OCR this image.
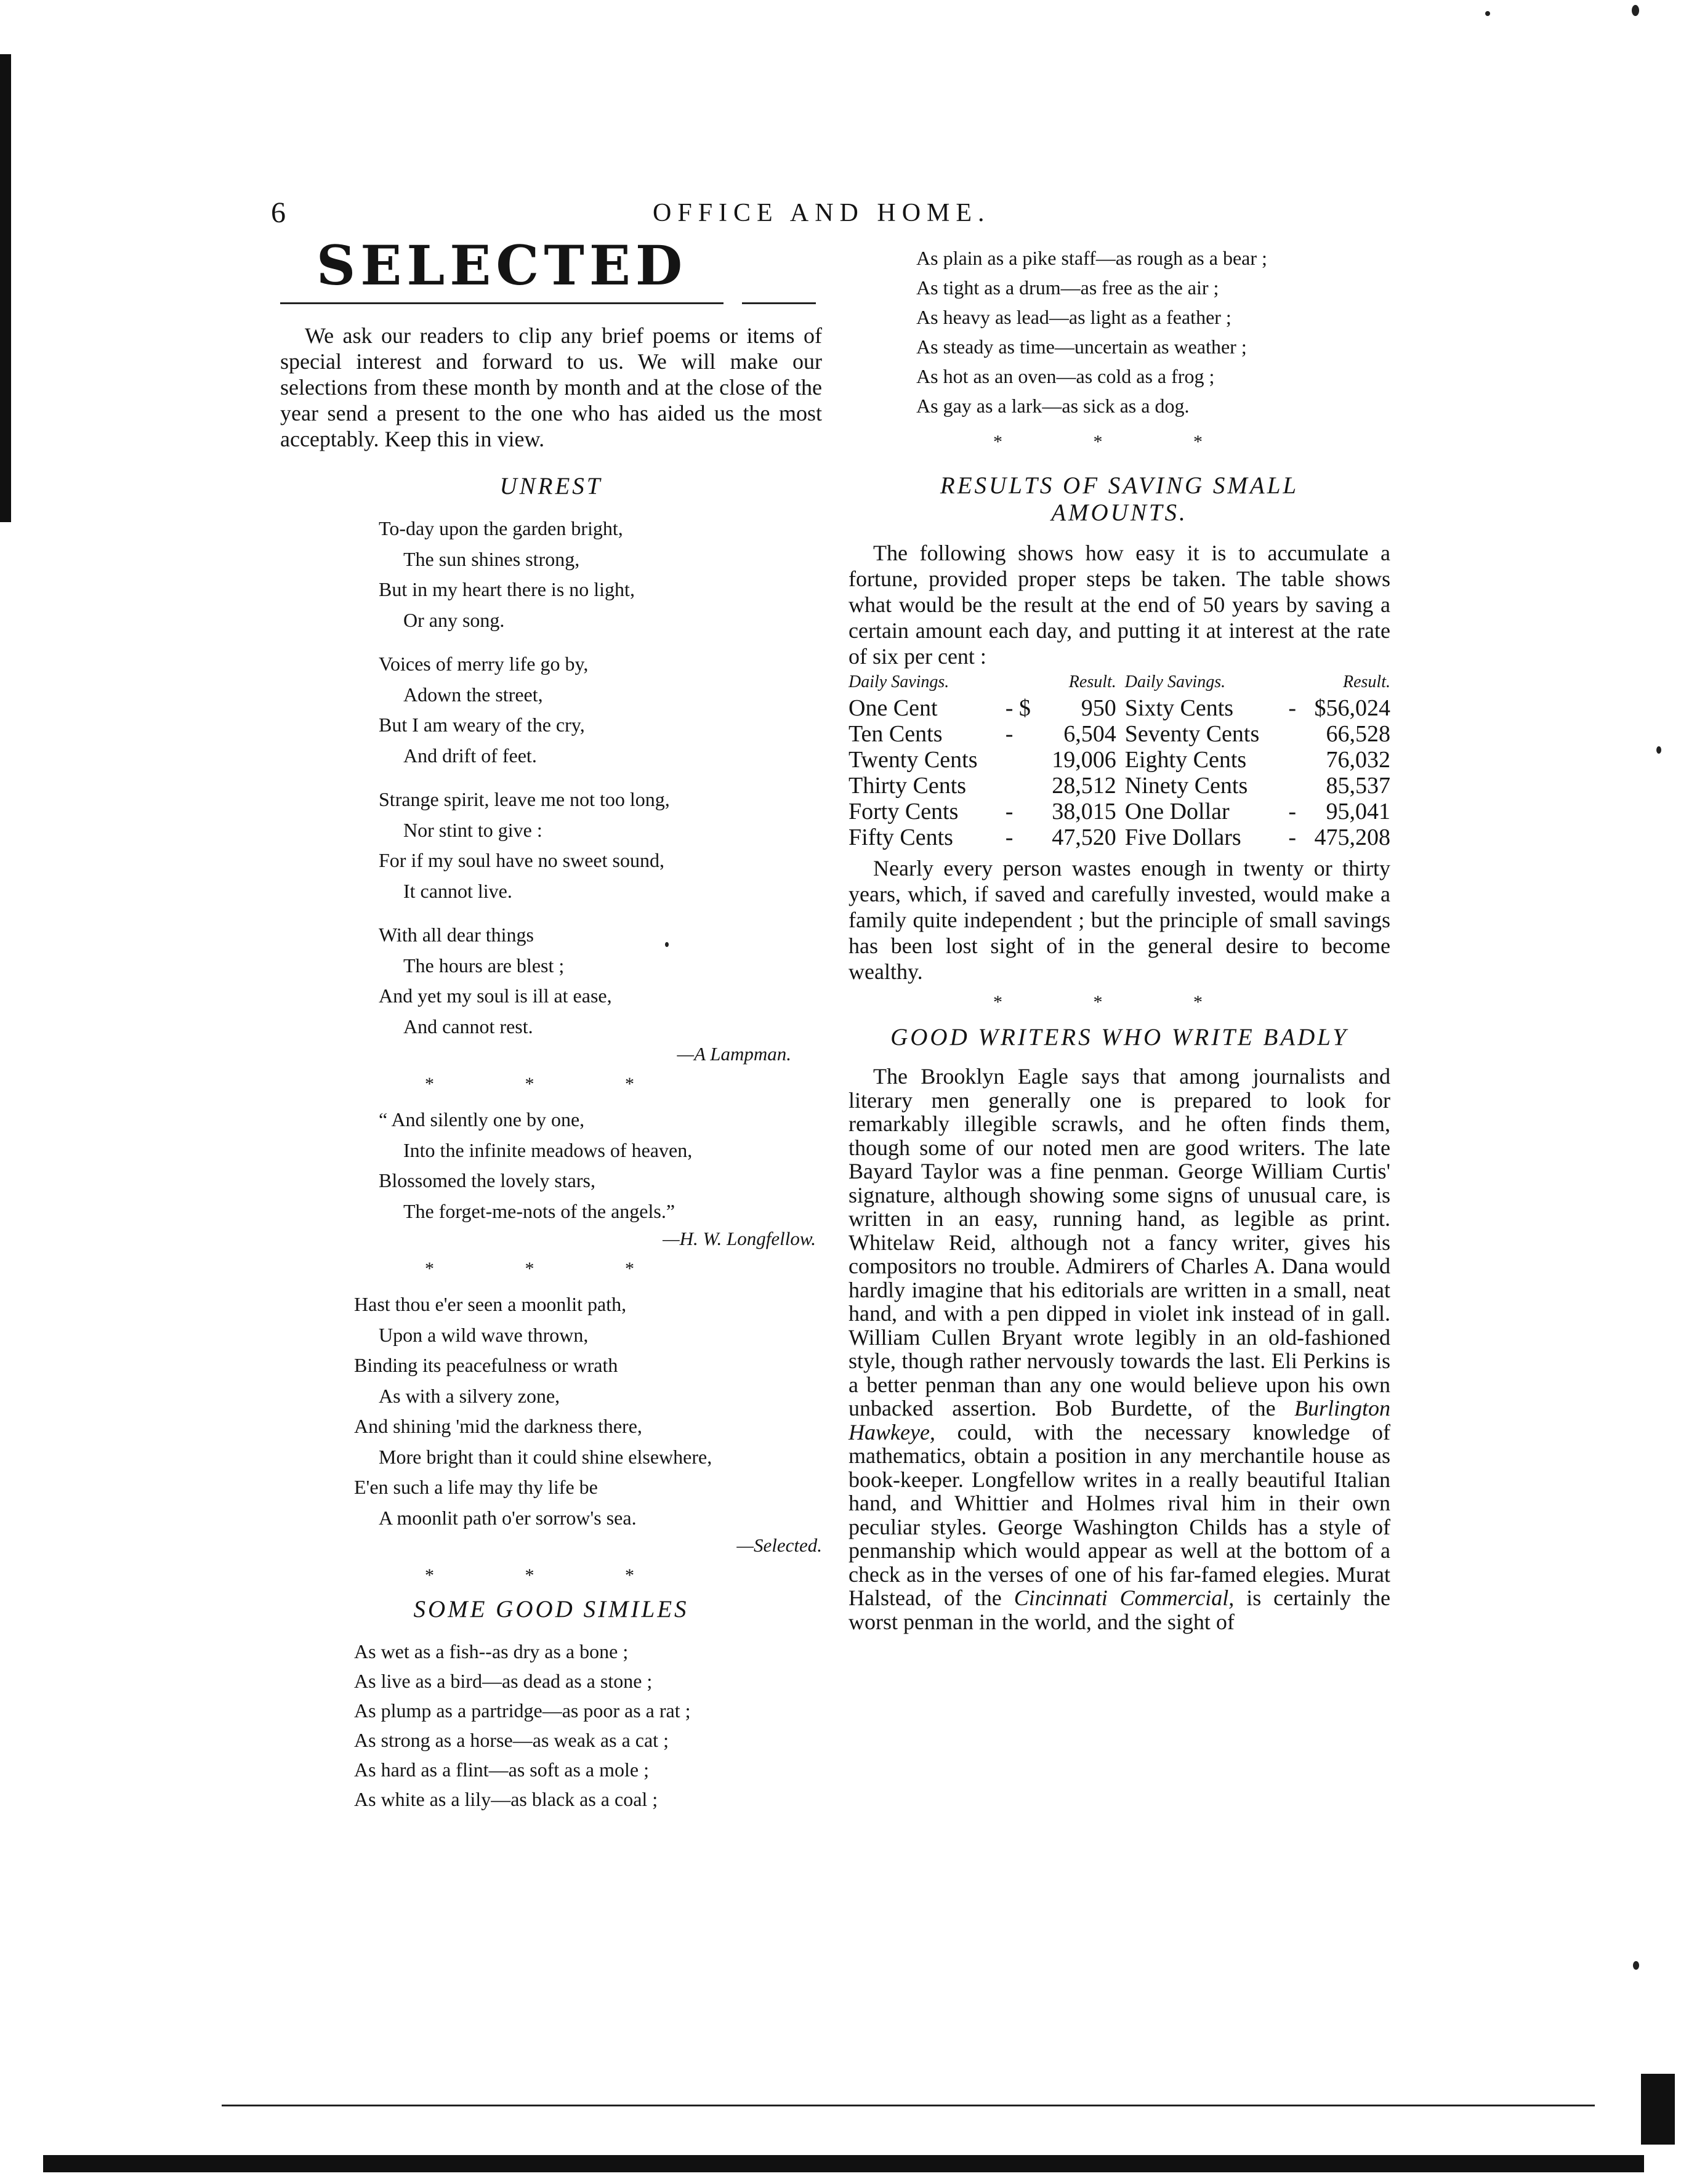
6	OFFICE AND HOME.
SELECTED
We ask our readers to clip any brief poems or items of special interest and forward to us. We will make our selections from these month by month and at the close of the year send a present to the one who has aided us the most acceptably. Keep this in view.
UNREST
To-day upon the garden bright,
The sun shines strong,
But in my heart there is no light,
Or any song.
Voices of merry life go by,
Adown the street,
But I am weary of the cry,
And drift of feet.
Strange spirit, leave me not too long,
Nor stint to give :
For if my soul have no sweet sound,
It cannot live.
With all dear things
The hours are blest ;
And yet my soul is ill at ease,
And cannot rest.
—A Lampman.
* * *
“ And silently one by one,
Into the infinite meadows of heaven,
Blossomed the lovely stars,
The forget-me-nots of the angels.”
—H. W. Longfellow.
* * *
Hast thou e'er seen a moonlit path,
Upon a wild wave thrown,
Binding its peacefulness or wrath
As with a silvery zone,
And shining 'mid the darkness there,
More bright than it could shine elsewhere,
E'en such a life may thy life be
A moonlit path o'er sorrow's sea.
—Selected.
* * *
SOME GOOD SIMILES
As wet as a fish--as dry as a bone ;
As live as a bird—as dead as a stone ;
As plump as a partridge—as poor as a rat ;
As strong as a horse—as weak as a cat ;
As hard as a flint—as soft as a mole ;
As white as a lily—as black as a coal ;
As plain as a pike staff—as rough as a bear ;
As tight as a drum—as free as the air ;
As heavy as lead—as light as a feather ;
As steady as time—uncertain as weather ;
As hot as an oven—as cold as a frog ;
As gay as a lark—as sick as a dog.
* * *
RESULTS OF SAVING SMALL AMOUNTS.
The following shows how easy it is to accumulate a fortune, provided proper steps be taken. The table shows what would be the result at the end of 50 years by saving a certain amount each day, and putting it at interest at the rate of six per cent :
Daily Savings.		Result.	Daily Savings.		Result.
One Cent	- $	950	Sixty Cents	-	$56,024
Ten Cents	-	6,504	Seventy Cents		66,528
Twenty Cents		19,006	Eighty Cents		76,032
Thirty Cents		28,512	Ninety Cents		85,537
Forty Cents	-	38,015	One Dollar	-	95,041
Fifty Cents	-	47,520	Five Dollars	-	475,208
Nearly every person wastes enough in twenty or thirty years, which, if saved and carefully invested, would make a family quite independent ; but the principle of small savings has been lost sight of in the general desire to become wealthy.
* * *
GOOD WRITERS WHO WRITE BADLY
The Brooklyn Eagle says that among journalists and literary men generally one is prepared to look for remarkably illegible scrawls, and he often finds them, though some of our noted men are good writers. The late Bayard Taylor was a fine penman. George William Curtis' signature, although showing some signs of unusual care, is written in an easy, running hand, as legible as print. Whitelaw Reid, although not a fancy writer, gives his compositors no trouble. Admirers of Charles A. Dana would hardly imagine that his editorials are written in a small, neat hand, and with a pen dipped in violet ink instead of in gall. William Cullen Bryant wrote legibly in an old-fashioned style, though rather nervously towards the last. Eli Perkins is a better penman than any one would believe upon his own unbacked assertion. Bob Burdette, of the Burlington Hawkeye, could, with the necessary knowledge of mathematics, obtain a position in any merchantile house as book-keeper. Longfellow writes in a really beautiful Italian hand, and Whittier and Holmes rival him in their own peculiar styles. George Washington Childs has a style of penmanship which would appear as well at the bottom of a check as in the verses of one of his far-famed elegies. Murat Halstead, of the Cincinnati Commercial, is certainly the worst penman in the world, and the sight of
